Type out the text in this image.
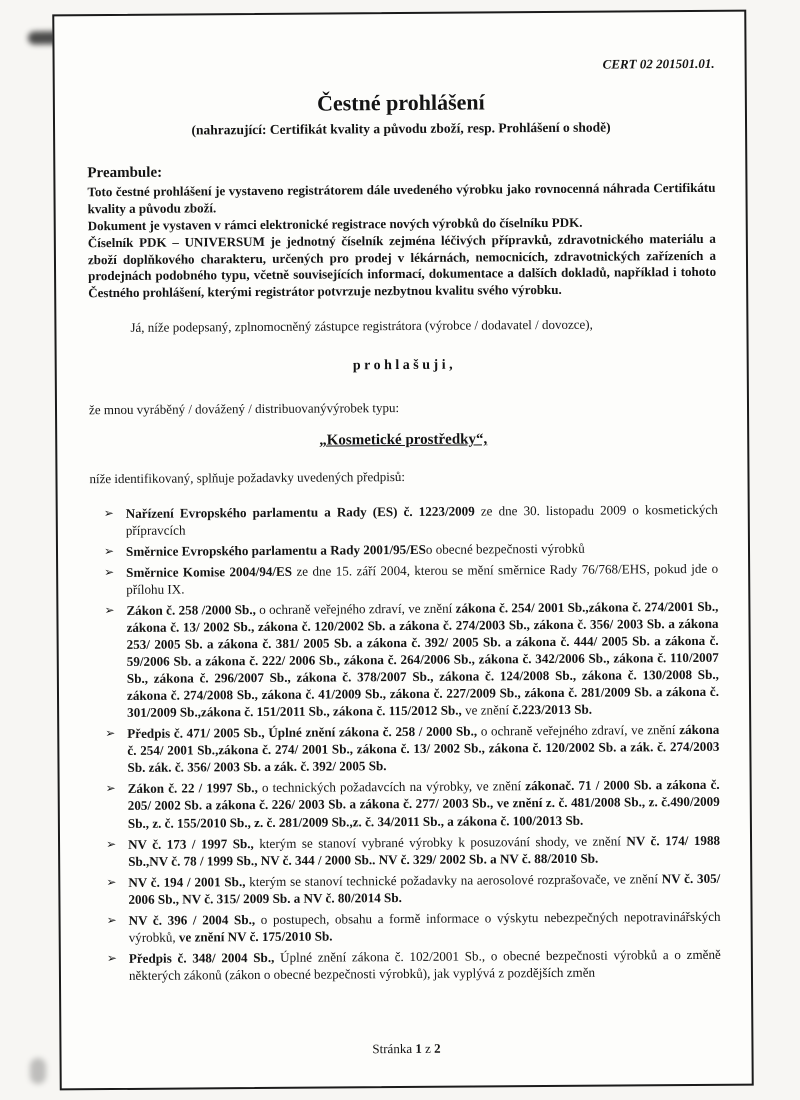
CERT 02 201501.01.

Čestné prohlášení

(nahrazující: Certifikát kvality a původu zboží, resp. Prohlášení o shodě)

Preambule:

Toto čestné prohlášení je vystaveno registrátorem dále uvedeného výrobku jako rovnocenná náhrada Certifikátu kvality a původu zboží.

Dokument je vystaven v rámci elektronické registrace nových výrobků do číselníku PDK.

Číselník PDK – UNIVERSUM je jednotný číselník zejména léčivých přípravků, zdravotnického materiálu a zboží doplňkového charakteru, určených pro prodej v lékárnách, nemocnicích, zdravotnických zařízeních a prodejnách podobného typu, včetně souvisejících informací, dokumentace a dalších dokladů, například i tohoto Čestného prohlášení, kterými registrátor potvrzuje nezbytnou kvalitu svého výrobku.

Já, níže podepsaný, zplnomocněný zástupce registrátora (výrobce / dodavatel / dovozce),

p r o h l a š u j i ,

že mnou vyráběný / dovážený / distribuovanývýrobek typu:

„Kosmetické prostředky“,

níže identifikovaný, splňuje požadavky uvedených předpisů:

➢ Nařízení Evropského parlamentu a Rady (ES) č. 1223/2009 ze dne 30. listopadu 2009 o kosmetických přípravcích
➢ Směrnice Evropského parlamentu a Rady 2001/95/ESo obecné bezpečnosti výrobků
➢ Směrnice Komise 2004/94/ES ze dne 15. září 2004, kterou se mění směrnice Rady 76/768/EHS, pokud jde o přílohu IX.
➢ Zákon č. 258 /2000 Sb., o ochraně veřejného zdraví, ve znění zákona č. 254/ 2001 Sb.,zákona č. 274/2001 Sb., zákona č. 13/ 2002 Sb., zákona č. 120/2002 Sb. a zákona č. 274/2003 Sb., zákona č. 356/ 2003 Sb. a zákona 253/ 2005 Sb. a zákona č. 381/ 2005 Sb. a zákona č. 392/ 2005 Sb. a zákona č. 444/ 2005 Sb. a zákona č. 59/2006 Sb. a zákona č. 222/ 2006 Sb., zákona č. 264/2006 Sb., zákona č. 342/2006 Sb., zákona č. 110/2007 Sb., zákona č. 296/2007 Sb., zákona č. 378/2007 Sb., zákona č. 124/2008 Sb., zákona č. 130/2008 Sb., zákona č. 274/2008 Sb., zákona č. 41/2009 Sb., zákona č. 227/2009 Sb., zákona č. 281/2009 Sb. a zákona č. 301/2009 Sb.,zákona č. 151/2011 Sb., zákona č. 115/2012 Sb., ve znění č.223/2013 Sb.
➢ Předpis č. 471/ 2005 Sb., Úplné znění zákona č. 258 / 2000 Sb., o ochraně veřejného zdraví, ve znění zákona č. 254/ 2001 Sb.,zákona č. 274/ 2001 Sb., zákona č. 13/ 2002 Sb., zákona č. 120/2002 Sb. a zák. č. 274/2003 Sb. zák. č. 356/ 2003 Sb. a zák. č. 392/ 2005 Sb.
➢ Zákon č. 22 / 1997 Sb., o technických požadavcích na výrobky, ve znění zákonač. 71 / 2000 Sb. a zákona č. 205/ 2002 Sb. a zákona č. 226/ 2003 Sb. a zákona č. 277/ 2003 Sb., ve znění z. č. 481/2008 Sb., z. č.490/2009 Sb., z. č. 155/2010 Sb., z. č. 281/2009 Sb.,z. č. 34/2011 Sb., a zákona č. 100/2013 Sb.
➢ NV č. 173 / 1997 Sb., kterým se stanoví vybrané výrobky k posuzování shody, ve znění NV č. 174/ 1988 Sb.,NV č. 78 / 1999 Sb., NV č. 344 / 2000 Sb.. NV č. 329/ 2002 Sb. a NV č. 88/2010 Sb.
➢ NV č. 194 / 2001 Sb., kterým se stanoví technické požadavky na aerosolové rozprašovače, ve znění NV č. 305/ 2006 Sb., NV č. 315/ 2009 Sb. a NV č. 80/2014 Sb.
➢ NV č. 396 / 2004 Sb., o postupech, obsahu a formě informace o výskytu nebezpečných nepotravinářských výrobků, ve znění NV č. 175/2010 Sb.
➢ Předpis č. 348/ 2004 Sb., Úplné znění zákona č. 102/2001 Sb., o obecné bezpečnosti výrobků a o změně některých zákonů (zákon o obecné bezpečnosti výrobků), jak vyplývá z pozdějších změn

Stránka 1 z 2
